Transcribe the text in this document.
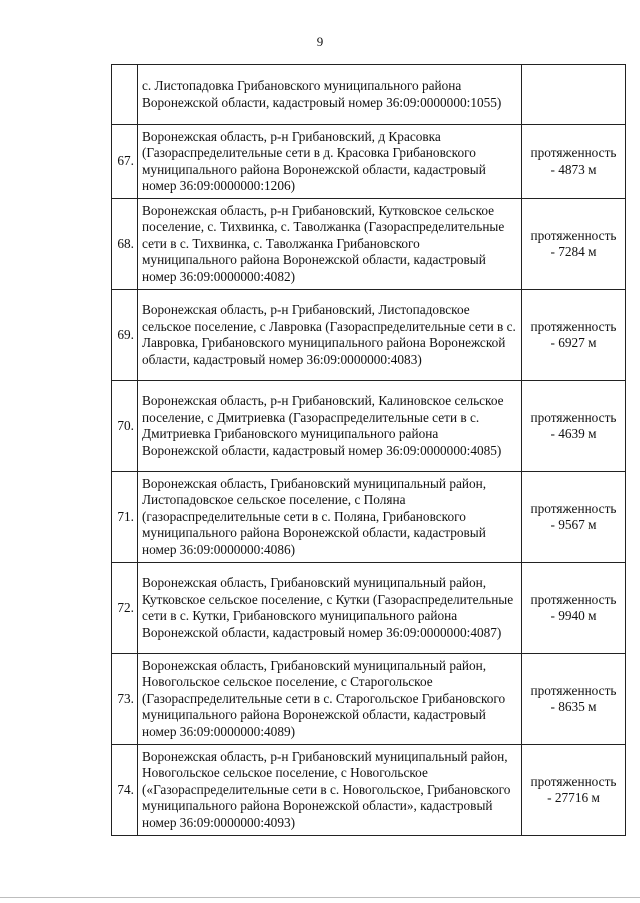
9
	с. Листопадовка Грибановского муниципального района Воронежской области, кадастровый номер 36:09:0000000:1055)	

67.	Воронежская область, р-н Грибановский, д Красовка (Газораспределительные сети в д. Красовка Грибановского муниципального района Воронежской области, кадастровый номер 36:09:0000000:1206)	протяженность
- 4873 м

68.	Воронежская область, р-н Грибановский, Кутковское сельское поселение, с. Тихвинка, с. Таволжанка (Газораспределительные сети в с. Тихвинка, с. Таволжанка Грибановского муниципального района Воронежской области, кадастровый номер 36:09:0000000:4082)	протяженность
- 7284 м

69.	Воронежская область, р-н Грибановский, Листопадовское сельское поселение, с Лавровка (Газораспределительные сети в с. Лавровка, Грибановского муниципального района Воронежской области, кадастровый номер 36:09:0000000:4083)	протяженность
- 6927 м

70.	Воронежская область, р-н Грибановский, Калиновское сельское поселение, с Дмитриевка (Газораспределительные сети в с. Дмитриевка Грибановского муниципального района Воронежской области, кадастровый номер 36:09:0000000:4085)	протяженность
- 4639 м

71.	Воронежская область, Грибановский муниципальный район, Листопадовское сельское поселение, с Поляна (газораспределительные сети в с. Поляна, Грибановского муниципального района Воронежской области, кадастровый номер 36:09:0000000:4086)	протяженность
- 9567 м

72.	Воронежская область, Грибановский муниципальный район, Кутковское сельское поселение, с Кутки (Газораспределительные сети в с. Кутки, Грибановского муниципального района Воронежской области, кадастровый номер 36:09:0000000:4087)	протяженность
- 9940 м

73.	Воронежская область, Грибановский муниципальный район, Новогольское сельское поселение, с Старогольское (Газораспределительные сети в с. Старогольское Грибановского муниципального района Воронежской области, кадастровый номер 36:09:0000000:4089)	протяженность
- 8635 м

74.	Воронежская область, р-н Грибановский муниципальный район, Новогольское сельское поселение, с Новогольское («Газораспределительные сети в с. Новогольское, Грибановского муниципального района Воронежской области», кадастровый номер 36:09:0000000:4093)	протяженность
- 27716 м
